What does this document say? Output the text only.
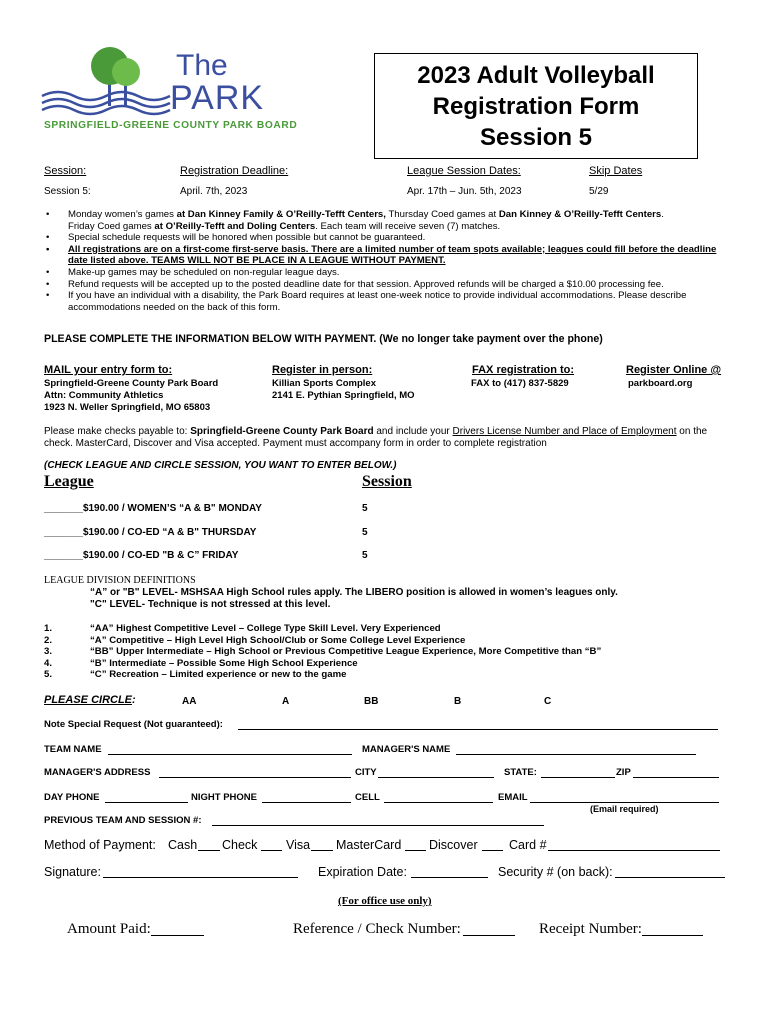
The
PARK
SPRINGFIELD-GREENE COUNTY PARK BOARD
2023 Adult Volleyball
Registration Form
Session 5
Session:	Registration Deadline:	League Session Dates:	Skip Dates
Session 5:	April. 7th, 2023	Apr. 17th – Jun. 5th, 2023	5/29
• Monday women’s games at Dan Kinney Family & O’Reilly-Tefft Centers, Thursday Coed games at Dan Kinney & O’Reilly-Tefft Centers.
Friday Coed games at O’Reilly-Tefft and Doling Centers. Each team will receive seven (7) matches.
• Special schedule requests will be honored when possible but cannot be guaranteed.
• All registrations are on a first-come first-serve basis. There are a limited number of team spots available; leagues could fill before the deadline date listed above. TEAMS WILL NOT BE PLACE IN A LEAGUE WITHOUT PAYMENT.
• Make-up games may be scheduled on non-regular league days.
• Refund requests will be accepted up to the posted deadline date for that session. Approved refunds will be charged a $10.00 processing fee.
• If you have an individual with a disability, the Park Board requires at least one-week notice to provide individual accommodations. Please describe accommodations needed on the back of this form.
PLEASE COMPLETE THE INFORMATION BELOW WITH PAYMENT. (We no longer take payment over the phone)
MAIL your entry form to:
Springfield-Greene County Park Board
Attn: Community Athletics
1923 N. Weller Springfield, MO 65803
Register in person:
Killian Sports Complex
2141 E. Pythian Springfield, MO
FAX registration to:
FAX to (417) 837-5829
Register Online @
parkboard.org
Please make checks payable to: Springfield-Greene County Park Board and include your Drivers License Number and Place of Employment on the
check. MasterCard, Discover and Visa accepted. Payment must accompany form in order to complete registration
(CHECK LEAGUE AND CIRCLE SESSION, YOU WANT TO ENTER BELOW.)
League	Session
_______$190.00 / WOMEN’S “A & B" MONDAY	5
_______$190.00 / CO-ED “A & B" THURSDAY	5
_______$190.00 / CO-ED "B & C” FRIDAY	5
LEAGUE DIVISION DEFINITIONS
“A” or "B" LEVEL- MSHSAA High School rules apply. The LIBERO position is allowed in women’s leagues only.
"C" LEVEL- Technique is not stressed at this level.
1.	“AA” Highest Competitive Level – College Type Skill Level. Very Experienced
2.	“A” Competitive – High Level High School/Club or Some College Level Experience
3.	“BB” Upper Intermediate – High School or Previous Competitive League Experience, More Competitive than “B”
4.	“B” Intermediate – Possible Some High School Experience
5.	“C” Recreation – Limited experience or new to the game
PLEASE CIRCLE:	AA	A	BB	B	C
Note Special Request (Not guaranteed):
TEAM NAME	MANAGER'S NAME
MANAGER'S ADDRESS	CITY	STATE:	ZIP
DAY PHONE	NIGHT PHONE	CELL	EMAIL
(Email required)
PREVIOUS TEAM AND SESSION #:
Method of Payment: Cash Check Visa MasterCard Discover	Card #
Signature:	Expiration Date:	Security # (on back):
(For office use only)
Amount Paid:	Reference / Check Number:	Receipt Number:
